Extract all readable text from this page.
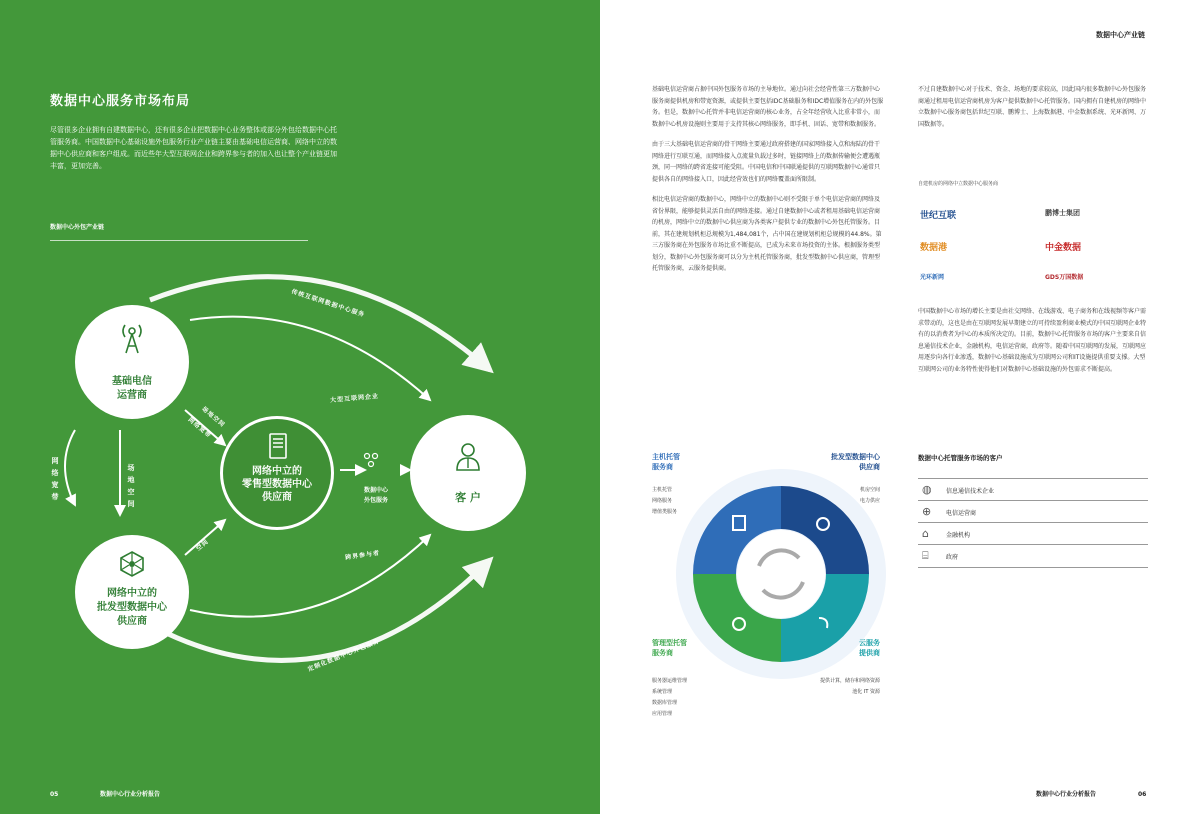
数据中心服务市场布局
尽管很多企业拥有自建数据中心，还有很多企业把数据中心业务整体或部分外包给数据中心托管服务商。中国数据中心基础设施外包服务行业产业链主要由基础电信运营商、网络中立的数据中心供应商和客户组成。而近些年大型互联网企业和跨界参与者的加入也让整个产业链更加丰富，更加完善。
数据中心外包产业链
基础电信
运营商
网络中立的
批发型数据中心
供应商
网络中立的
零售型数据中心
供应商	客 户
传统互联网数据中心服务
大型互联网企业
定制化数据中心外包服务
跨界参与者
网络宽带
场地空间
网络宽带
场地空间
数据中心
外包服务
空间
05	数据中心行业分析报告
数据中心产业链

基础电信运营商占据中国外包服务市场的主导地位。通过向社会经营性第三方数据中心服务商提供机房和带宽资源，或提供主要包括IDC基础服务和IDC增值服务在内的外包服务。但是，数据中心托管并非电信运营商的核心业务，占全年经营收入比重非常小，而数据中心机房设施则主要用于支持其核心网络服务，即手机、固话、宽带和数据服务。

由于三大基础电信运营商的骨干网络主要通过政府搭建的国家网络接入点和海陆的骨干网络进行互联互通，而网络接入点流量负载过多时，链接网络上的数据传输便会遭遇瓶颈，同一网络的跨省连接可能受阻。中国电信和中国联通提供的互联网数据中心通常只提供各自的网络接入口，因此经营效也们的网络覆盖面所限制。

相比电信运营商的数据中心，网络中立的数据中心则不受限于单个电信运营商的网络及省份界限，能够提供灵活自由的网络连接。通过自建数据中心或者租用基础电信运营商的机房，网络中立的数据中心供应商为各类客户提供专业的数据中心外包托管服务。目前，其在建规划机柜总规模为1,484,081个，占中国在建规划机柜总规模的44.8%。第三方服务商在外包服务市场比重不断提高，已成为未来市场投资的主体。根据服务类型划分，数据中心外包服务商可以分为主机托管服务商，批发型数据中心供应商，管理型托管服务商，云服务提供商。

不过自建数据中心对于技术、资金、场地的要求较高，因此国内很多数据中心外包服务商通过租用电信运营商机房为客户提供数据中心托管服务。国内拥有自建机房的网络中立数据中心服务商包括世纪互联、鹏博士、上海数据港、中金数据系统、光环新网、万国数据等。
自建机房的网络中立数据中心服务商
世纪互联	鹏博士集团
数据港	中金数据
光环新网	GDS万国数据
中国数据中心市场的增长主要是由社交网络、在线游戏、电子商务和在线视频等客户需求带动的，这也是由在互联网发展早期建立的可持续盈利商业模式的中国互联网企业特有的以消费者为中心的本质所决定的。目前，数据中心托管服务市场的客户主要来自信息通信技术企业，金融机构，电信运营商，政府等。随着中国互联网的发展，互联网应用逐步向各行业渗透，数据中心基础设施成为互联网公司和IT设施提供重要支撑。大型互联网公司的业务特性使得他们对数据中心基础设施的外包需求不断提高。
数据中心托管服务市场的客户
◍ 信息通信技术企业
⊕ 电信运营商
⌂	金融机构
⌸	政府
主机托管
服务商
主机托管
网络服务
增值类服务
批发型数据中心
供应商
机房空间
电力供应
管理型托管
服务商
服务器运维管理
系统管理
数据库管理
应用管理
云服务
提供商
提供计算，储存和网络资源
池化 IT 资源
数据中心行业分析报告	06
